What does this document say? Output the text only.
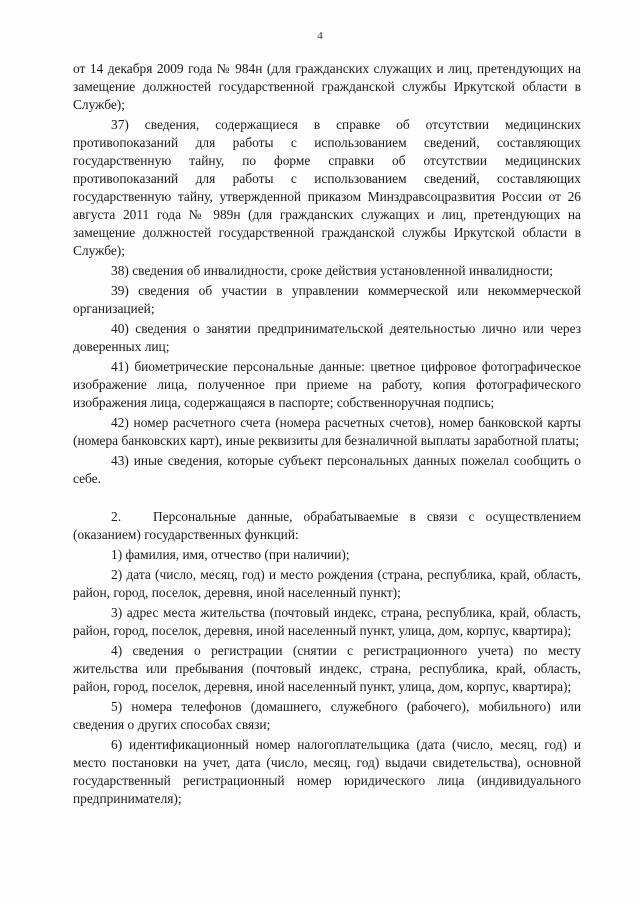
4

от 14 декабря 2009 года № 984н (для гражданских служащих и лиц, претендующих на замещение должностей государственной гражданской службы Иркутской области в Службе);

37) сведения, содержащиеся в справке об отсутствии медицинских противопоказаний для работы с использованием сведений, составляющих государственную тайну, по форме справки об отсутствии медицинских противопоказаний для работы с использованием сведений, составляющих государственную тайну, утвержденной приказом Минздравсоцразвития России от 26 августа 2011 года № 989н (для гражданских служащих и лиц, претендующих на замещение должностей государственной гражданской службы Иркутской области в Службе);

38) сведения об инвалидности, сроке действия установленной инвалидности;

39) сведения об участии в управлении коммерческой или некоммерческой организацией;

40) сведения о занятии предпринимательской деятельностью лично или через доверенных лиц;

41) биометрические персональные данные: цветное цифровое фотографическое изображение лица, полученное при приеме на работу, копия фотографического изображения лица, содержащаяся в паспорте; собственноручная подпись;

42) номер расчетного счета (номера расчетных счетов), номер банковской карты (номера банковских карт), иные реквизиты для безналичной выплаты заработной платы;

43) иные сведения, которые субъект персональных данных пожелал сообщить о себе.

2. Персональные данные, обрабатываемые в связи с осуществлением (оказанием) государственных функций:

1) фамилия, имя, отчество (при наличии);

2) дата (число, месяц, год) и место рождения (страна, республика, край, область, район, город, поселок, деревня, иной населенный пункт);

3) адрес места жительства (почтовый индекс, страна, республика, край, область, район, город, поселок, деревня, иной населенный пункт, улица, дом, корпус, квартира);

4) сведения о регистрации (снятии с регистрационного учета) по месту жительства или пребывания (почтовый индекс, страна, республика, край, область, район, город, поселок, деревня, иной населенный пункт, улица, дом, корпус, квартира);

5) номера телефонов (домашнего, служебного (рабочего), мобильного) или сведения о других способах связи;

6) идентификационный номер налогоплательщика (дата (число, месяц, год) и место постановки на учет, дата (число, месяц, год) выдачи свидетельства), основной государственный регистрационный номер юридического лица (индивидуального предпринимателя);
